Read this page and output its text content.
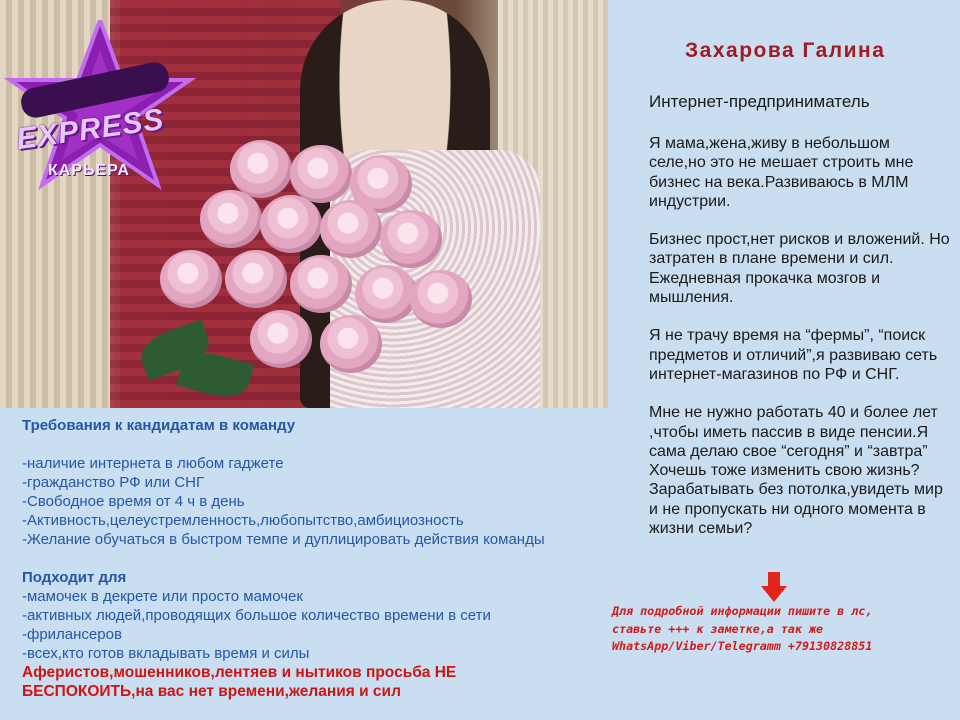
EXPRESS
КАРЬЕРА
Захарова Галина
Интернет-предприниматель

Я мама,жена,живу в небольшом селе,но это не мешает строить мне бизнес на века.Развиваюсь в МЛМ индустрии.

Бизнес прост,нет рисков и вложений. Но затратен в плане времени и сил. Ежедневная прокачка мозгов и мышления.

Я не трачу время на “фермы”, “поиск предметов и отличий”,я развиваю сеть интернет-магазинов по РФ и СНГ.

Мне не нужно работать 40 и более лет ,чтобы иметь пассив в виде пенсии.Я сама делаю свое “сегодня” и “завтра”

Хочешь тоже изменить свою жизнь? Зарабатывать без потолка,увидеть мир и не пропускать ни одного момента в жизни семьи?

Для подробной информации пишите в лс,
ставьте +++ к заметке,а так же
WhatsApp/Viber/Telegramm +79130828851
Требования к кандидатам в команду
-наличие интернета в любом гаджете
-гражданство РФ или СНГ
-Свободное время от 4 ч в день
-Активность,целеустремленность,любопытство,амбициозность
-Желание обучаться в быстром темпе и дуплицировать действия команды
Подходит для
-мамочек в декрете или просто мамочек
-активных людей,проводящих большое количество времени в сети
-фрилансеров
-всех,кто готов вкладывать время и силы
Аферистов,мошенников,лентяев и нытиков просьба НЕ
БЕСПОКОИТЬ,на вас нет времени,желания и сил
